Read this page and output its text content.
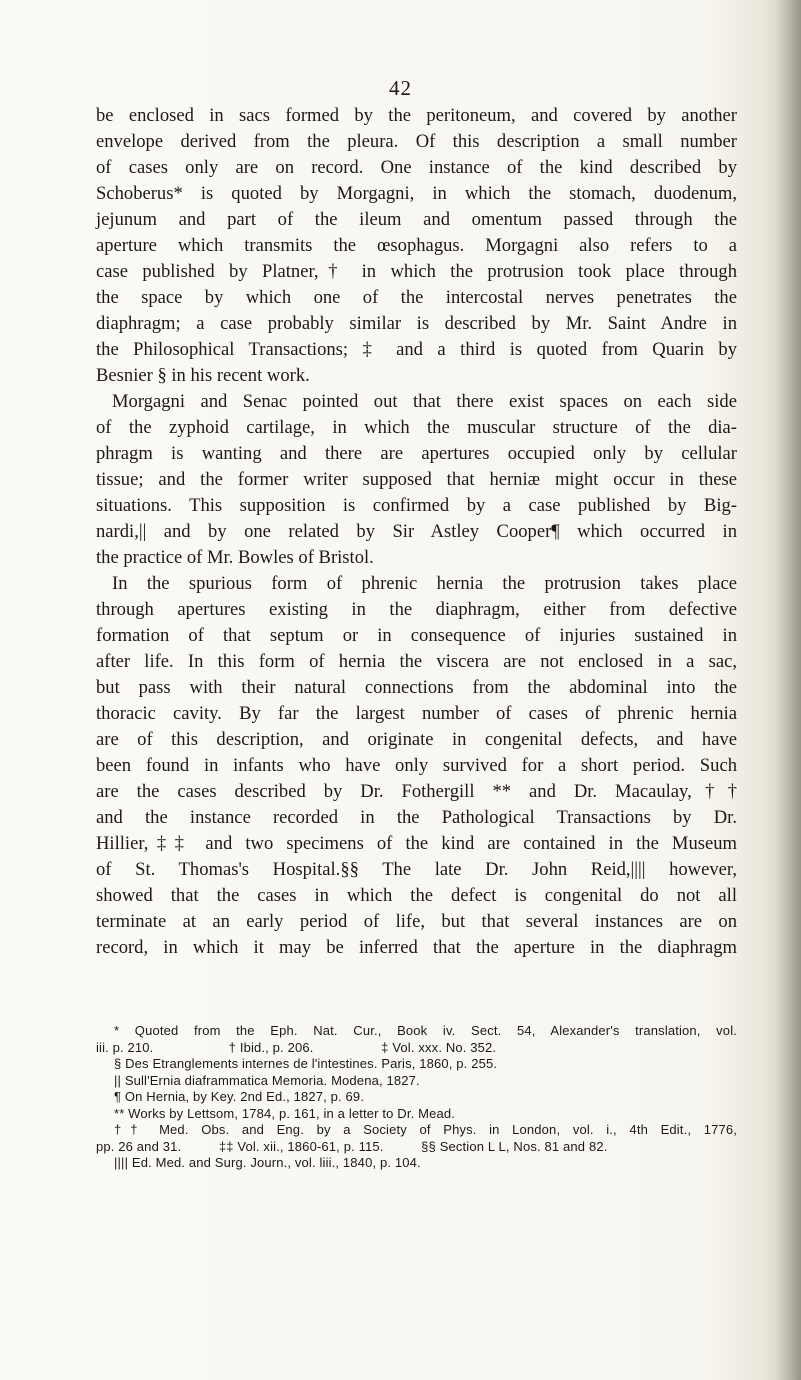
42
be enclosed in sacs formed by the peritoneum, and covered by another
envelope derived from the pleura. Of this description a small number
of cases only are on record. One instance of the kind described by
Schoberus* is quoted by Morgagni, in which the stomach, duodenum,
jejunum and part of the ileum and omentum passed through the
aperture which transmits the œsophagus. Morgagni also refers to a
case published by Platner,† in which the protrusion took place through
the space by which one of the intercostal nerves penetrates the
diaphragm; a case probably similar is described by Mr. Saint Andre in
the Philosophical Transactions; ‡ and a third is quoted from Quarin by
Besnier § in his recent work.
Morgagni and Senac pointed out that there exist spaces on each side
of the zyphoid cartilage, in which the muscular structure of the dia-
phragm is wanting and there are apertures occupied only by cellular
tissue; and the former writer supposed that herniæ might occur in these
situations. This supposition is confirmed by a case published by Big-
nardi,|| and by one related by Sir Astley Cooper¶ which occurred in
the practice of Mr. Bowles of Bristol.
In the spurious form of phrenic hernia the protrusion takes place
through apertures existing in the diaphragm, either from defective
formation of that septum or in consequence of injuries sustained in
after life. In this form of hernia the viscera are not enclosed in a sac,
but pass with their natural connections from the abdominal into the
thoracic cavity. By far the largest number of cases of phrenic hernia
are of this description, and originate in congenital defects, and have
been found in infants who have only survived for a short period. Such
are the cases described by Dr. Fothergill ** and Dr. Macaulay,††
and the instance recorded in the Pathological Transactions by Dr.
Hillier,‡‡ and two specimens of the kind are contained in the Museum
of St. Thomas's Hospital.§§ The late Dr. John Reid,|||| however,
showed that the cases in which the defect is congenital do not all
terminate at an early period of life, but that several instances are on
record, in which it may be inferred that the aperture in the diaphragm
* Quoted from the Eph. Nat. Cur., Book iv. Sect. 54, Alexander's translation, vol.
iii. p. 210.                    † Ibid., p. 206.                  ‡ Vol. xxx. No. 352.
§ Des Etranglements internes de l'intestines. Paris, 1860, p. 255.
|| Sull'Ernia diaframmatica Memoria. Modena, 1827.
¶ On Hernia, by Key. 2nd Ed., 1827, p. 69.
** Works by Lettsom, 1784, p. 161, in a letter to Dr. Mead.
†† Med. Obs. and Eng. by a Society of Phys. in London, vol. i., 4th Edit., 1776,
pp. 26 and 31.          ‡‡ Vol. xii., 1860-61, p. 115.          §§ Section L L, Nos. 81 and 82.
|||| Ed. Med. and Surg. Journ., vol. liii., 1840, p. 104.
